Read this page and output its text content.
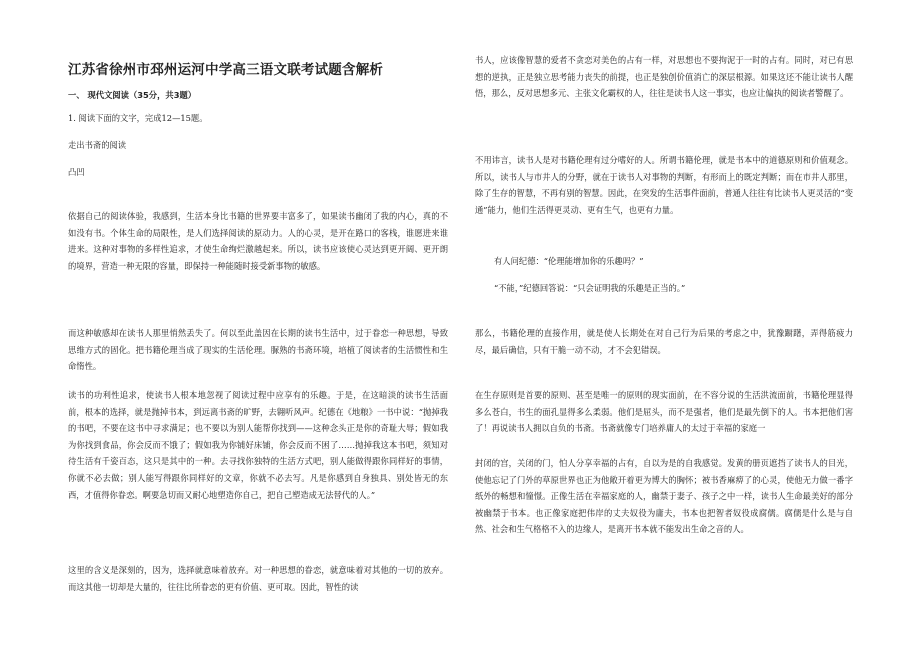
江苏省徐州市邳州运河中学高三语文联考试题含解析
一、 现代文阅读（35分，共3题）
1. 阅读下面的文字，完成12—15题。
走出书斋的阅读
凸凹

依据自己的阅读体验，我感到，生活本身比书籍的世界要丰富多了，如果读书幽闭了我的内心，真的不如没有书。个体生命的局限性，是人们选择阅读的原动力。人的心灵，是开在路口的客栈，谁愿进来谁进来。这种对事物的多样性追求，才使生命绚烂激越起来。所以，读书应该使心灵达到更开阔、更开朗的境界，营造一种无限的容量，即保持一种能随时接受新事物的敏感。

而这种敏感却在读书人那里悄然丢失了。何以至此盖因在长期的读书生活中，过于眷恋一种思想，导致思维方式的固化。把书籍伦理当成了现实的生活伦理。脲熟的书斋环境，培植了阅读者的生活惯性和生命惰性。

读书的功利性追求，使读书人根本地忽视了阅读过程中应享有的乐趣。于是，在这暗淡的读书生活面前，根本的选择，就是抛掉书本，到远离书斋的旷野，去翱听风声。纪德在《地粮》一书中说：“抛掉我的书吧，不要在这书中寻求满足；也不要以为别人能帮你找到——这种念头正是你的奇耻大辱；假如我为你找到食品，你会反而不饿了；假如我为你铺好床铺，你会反而不困了……抛掉我这本书吧，须知对待生活有千姿百态，这只是其中的一种。去寻找你独特的生活方式吧，别人能做得跟你同样好的事情，你就不必去做；别人能写得跟你同样好的文章，你就不必去写。凡是你感到自身独具、别处皆无的东西，才值得你眷恋。啊要急切而又耐心地塑造你自己，把自己塑造成无法替代的人。”

这里的含义是深刻的，因为，选择就意味着放弃。对一种思想的眷恋，就意味着对其他的一切的放弃。而这其他一切却是大量的，往往比所眷恋的更有价值、更可取。因此，智性的读

书人，应该像智慧的爱者不贪恋对美色的占有一样，对思想也不要拘泥于一时的占有。同时，对已有思想的逆执，正是独立思考能力丧失的前提，也正是独创价值消亡的深层根源。如果这还不能让读书人醒悟，那么，反对思想多元、主张文化霸权的人，往往是读书人这一事实，也应让偏执的阅读者警醒了。

不用讳言，读书人是对书籍伦理有过分嗜好的人。所谓书籍伦理，就是书本中的道德原则和价值观念。所以，读书人与市井人的分野，就在于读书人对事物的判断，有形而上的既定判断；而在市井人那里，除了生存的智慧，不再有别的智慧。因此，在突发的生活事件面前，普通人往往有比读书人更灵活的“变通”能力，他们生活得更灵动、更有生气，也更有力量。

有人问纪德：“伦理能增加你的乐趣吗？”
“不能，”纪德回答说：“只会证明我的乐趣是正当的。”

那么，书籍伦理的直接作用，就是使人长期处在对自己行为后果的考虑之中，犹豫蹰躇，弄得筋疲力尽，最后确信，只有干脆一动不动，才不会犯错误。

在生存原则是首要的原则、甚至是唯一的原则的现实面前，在不容分说的生活洪流面前，书籍伦理显得多么苍白，书生的面孔显得多么柔弱。他们是屈头，而不是强者，他们是最先倒下的人。书本把他们害了！再说读书人拥以自负的书斋。书斋就像专门培养庸人的太过于幸福的家庭一

封闭的宫，关闭的门，怕人分享幸福的占有，自以为是的自我感觉。发黄的册页遮挡了读书人的目光，使他忘记了门外的草原世界也正为他敞开着更为博大的胸怀；被书香麻痹了的心灵，使他无力做一番字纸外的畅想和憧憬。正像生活在幸福家庭的人，幽禁于妻子、孩子之中一样，读书人生命最美好的部分被幽禁于书本。也正像家庭把伟岸的丈夫奴役为庸夫，书本也把智者奴役成腐儒。腐儒是什么是与自然、社会和生气格格不入的边缘人，是离开书本就不能发出生命之音的人。
